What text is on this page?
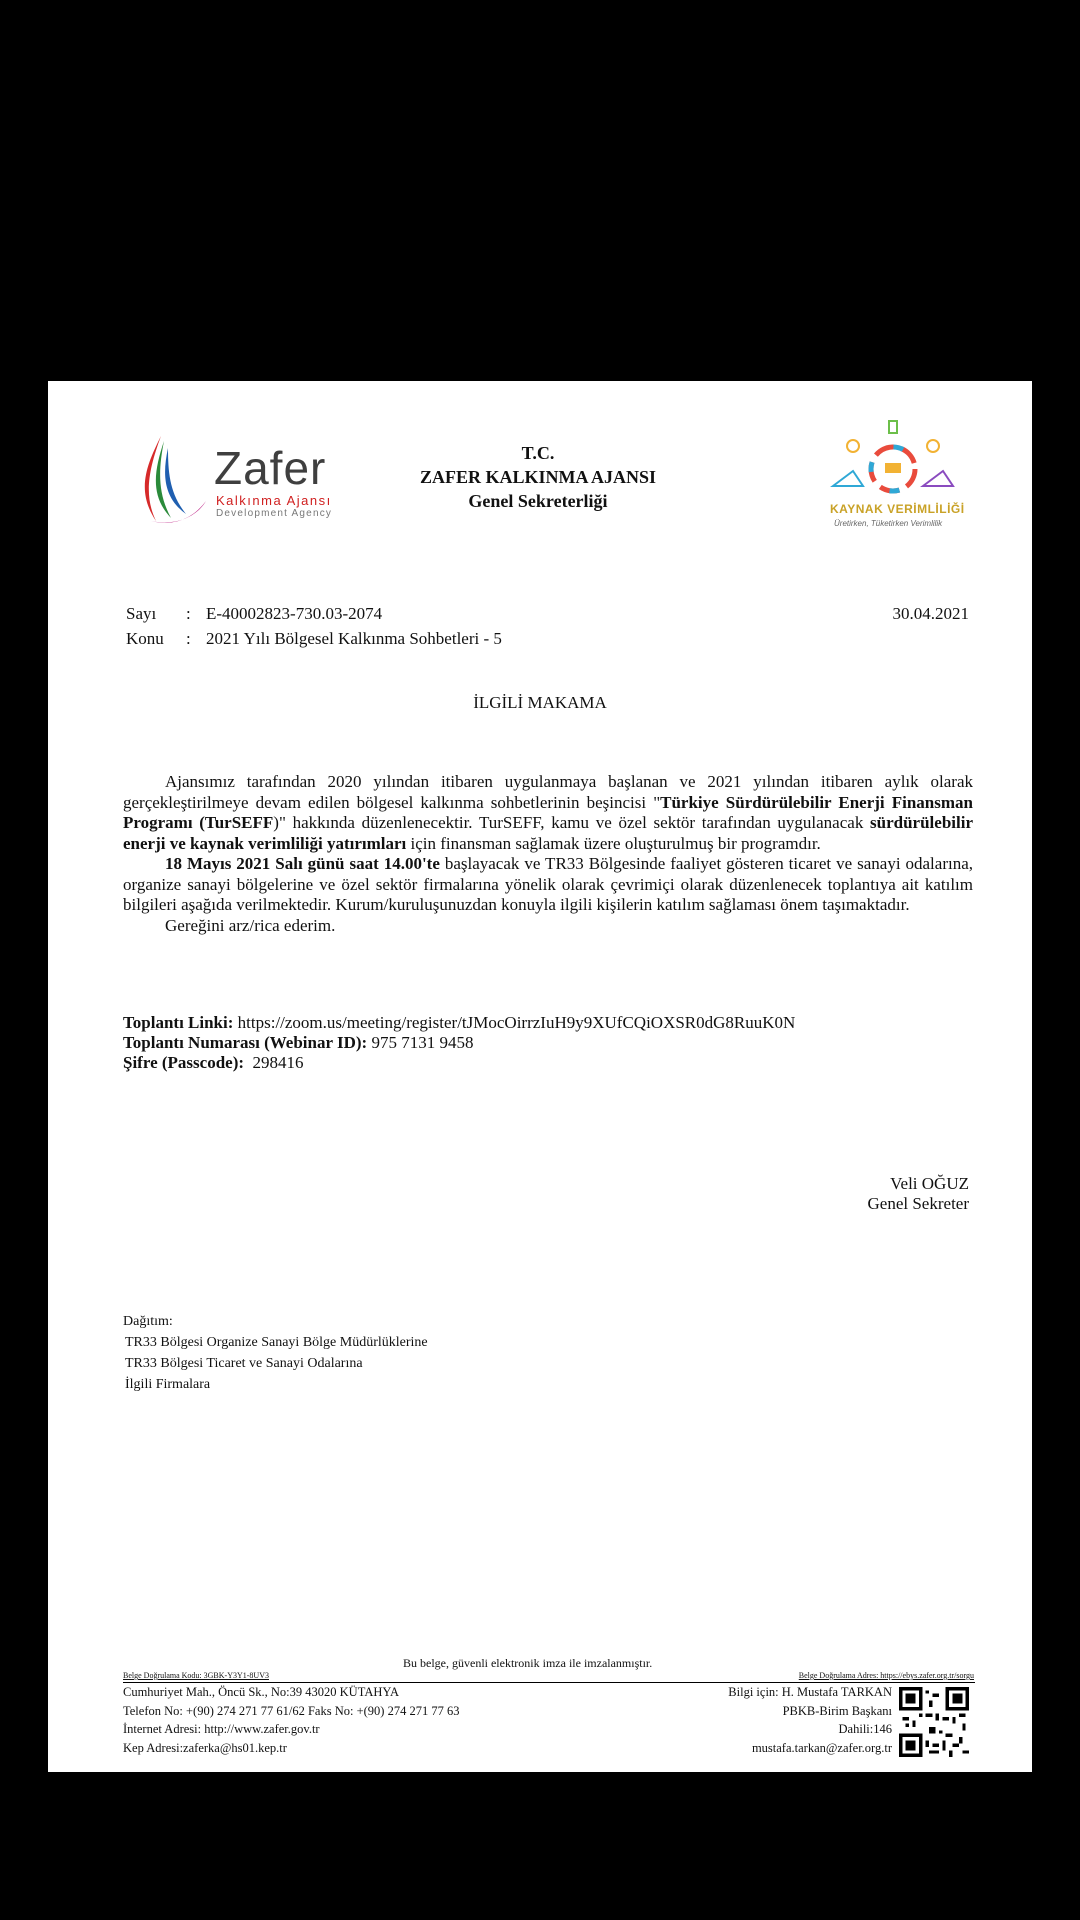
Zafer
Kalkınma Ajansı
Development Agency
T.C.
ZAFER KALKINMA AJANSI
Genel Sekreterliği	KAYNAK VERİMLİLİĞİ
Üretirken, Tüketirken Verimlilik
Sayı : E-40002823-730.03-2074	30.04.2021
Konu : 2021 Yılı Bölgesel Kalkınma Sohbetleri - 5
İLGİLİ MAKAMA

Ajansımız tarafından 2020 yılından itibaren uygulanmaya başlanan ve 2021 yılından itibaren aylık olarak gerçekleştirilmeye devam edilen bölgesel kalkınma sohbetlerinin beşincisi "Türkiye Sürdürülebilir Enerji Finansman Programı (TurSEFF)" hakkında düzenlenecektir. TurSEFF, kamu ve özel sektör tarafından uygulanacak sürdürülebilir enerji ve kaynak verimliliği yatırımları için finansman sağlamak üzere oluşturulmuş bir programdır.

18 Mayıs 2021 Salı günü saat 14.00'te başlayacak ve TR33 Bölgesinde faaliyet gösteren ticaret ve sanayi odalarına, organize sanayi bölgelerine ve özel sektör firmalarına yönelik olarak çevrimiçi olarak düzenlenecek toplantıya ait katılım bilgileri aşağıda verilmektedir. Kurum/kuruluşunuzdan konuyla ilgili kişilerin katılım sağlaması önem taşımaktadır.

Gereğini arz/rica ederim.

Toplantı Linki: https://zoom.us/meeting/register/tJMocOirrzIuH9y9XUfCQiOXSR0dG8RuuK0N
Toplantı Numarası (Webinar ID): 975 7131 9458
Şifre (Passcode):  298416
Veli OĞUZ
Genel Sekreter
Dağıtım:
TR33 Bölgesi Organize Sanayi Bölge Müdürlüklerine
TR33 Bölgesi Ticaret ve Sanayi Odalarına
İlgili Firmalara
Bu belge, güvenli elektronik imza ile imzalanmıştır.
Belge Doğrulama Kodu: 3GBK-Y3Y1-8UV3	Belge Doğrulama Adres: https://ebys.zafer.org.tr/sorgu
Cumhuriyet Mah., Öncü Sk., No:39 43020 KÜTAHYA
Telefon No: +(90) 274 271 77 61/62 Faks No: +(90) 274 271 77 63
İnternet Adresi: http://www.zafer.gov.tr
Kep Adresi:zaferka@hs01.kep.tr
Bilgi için: H. Mustafa TARKAN
PBKB-Birim Başkanı
Dahili:146
mustafa.tarkan@zafer.org.tr
